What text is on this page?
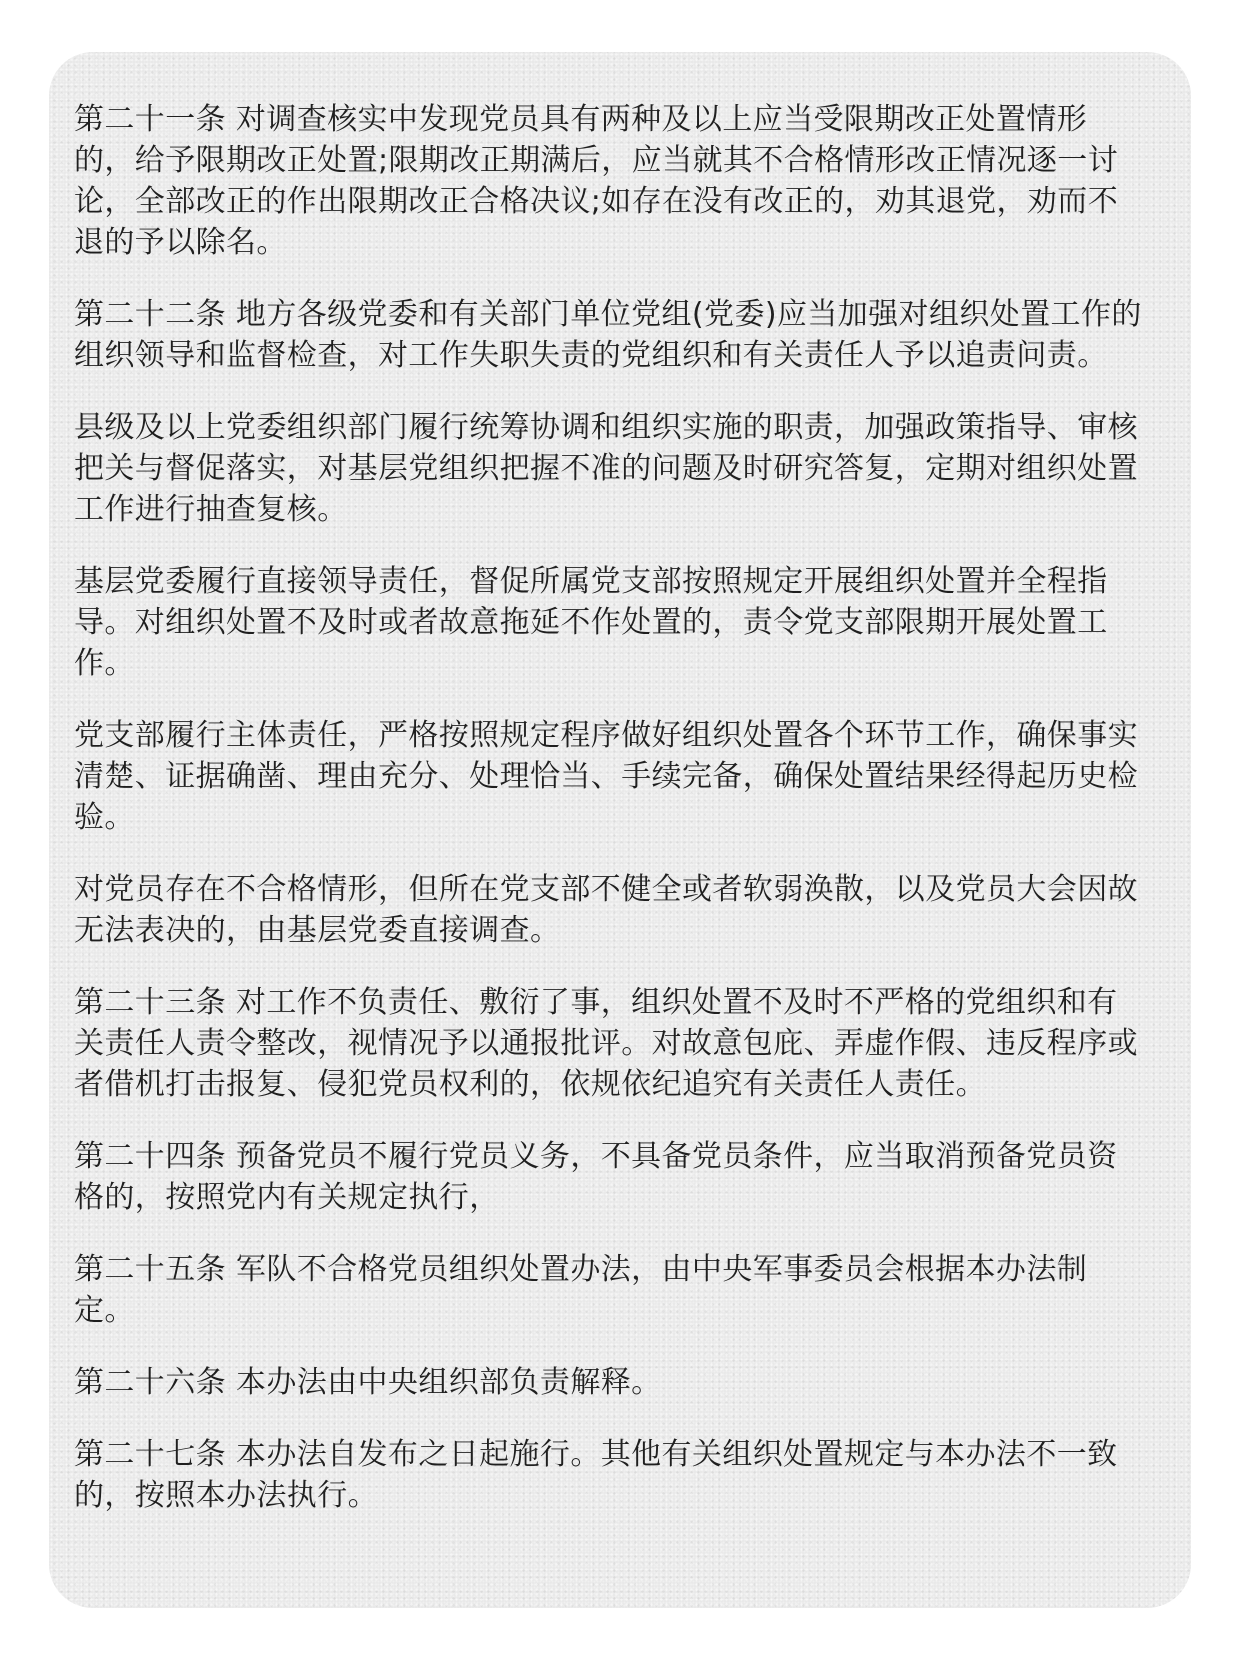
第二十一条 对调查核实中发现党员具有两种及以上应当受限期改正处置情形的，给予限期改正处置;限期改正期满后，应当就其不合格情形改正情况逐一讨论，全部改正的作出限期改正合格决议;如存在没有改正的，劝其退党，劝而不退的予以除名。

第二十二条 地方各级党委和有关部门单位党组(党委)应当加强对组织处置工作的组织领导和监督检查，对工作失职失责的党组织和有关责任人予以追责问责。

县级及以上党委组织部门履行统筹协调和组织实施的职责，加强政策指导、审核把关与督促落实，对基层党组织把握不准的问题及时研究答复，定期对组织处置工作进行抽查复核。

基层党委履行直接领导责任，督促所属党支部按照规定开展组织处置并全程指导。对组织处置不及时或者故意拖延不作处置的，责令党支部限期开展处置工作。

党支部履行主体责任，严格按照规定程序做好组织处置各个环节工作，确保事实清楚、证据确凿、理由充分、处理恰当、手续完备，确保处置结果经得起历史检验。

对党员存在不合格情形，但所在党支部不健全或者软弱涣散，以及党员大会因故无法表决的，由基层党委直接调查。

第二十三条 对工作不负责任、敷衍了事，组织处置不及时不严格的党组织和有关责任人责令整改，视情况予以通报批评。对故意包庇、弄虚作假、违反程序或者借机打击报复、侵犯党员权利的，依规依纪追究有关责任人责任。

第二十四条 预备党员不履行党员义务，不具备党员条件，应当取消预备党员资格的，按照党内有关规定执行，

第二十五条 军队不合格党员组织处置办法，由中央军事委员会根据本办法制定。

第二十六条 本办法由中央组织部负责解释。

第二十七条 本办法自发布之日起施行。其他有关组织处置规定与本办法不一致的，按照本办法执行。
